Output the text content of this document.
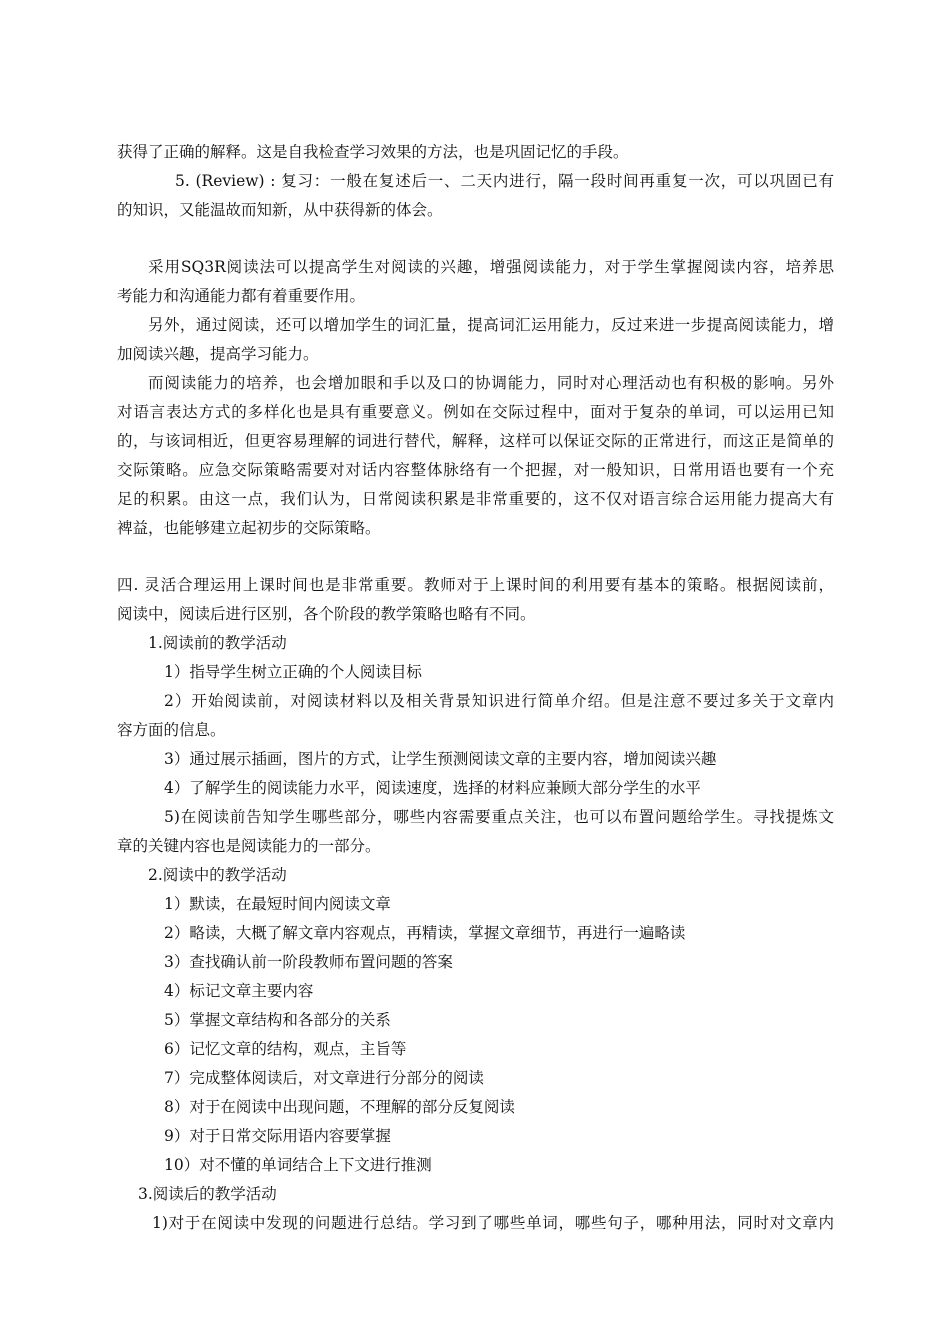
获得了正确的解释。这是自我检查学习效果的方法，也是巩固记忆的手段。
5. (Review) : 复习：一般在复述后一、二天内进行，隔一段时间再重复一次，可以巩固已有
的知识，又能温故而知新，从中获得新的体会。
采用SQ3R阅读法可以提高学生对阅读的兴趣，增强阅读能力，对于学生掌握阅读内容，培养思
考能力和沟通能力都有着重要作用。
另外，通过阅读，还可以增加学生的词汇量，提高词汇运用能力，反过来进一步提高阅读能力，增
加阅读兴趣，提高学习能力。
而阅读能力的培养，也会增加眼和手以及口的协调能力，同时对心理活动也有积极的影响。另外
对语言表达方式的多样化也是具有重要意义。例如在交际过程中，面对于复杂的单词，可以运用已知
的，与该词相近，但更容易理解的词进行替代，解释，这样可以保证交际的正常进行，而这正是简单的
交际策略。应急交际策略需要对对话内容整体脉络有一个把握，对一般知识，日常用语也要有一个充
足的积累。由这一点，我们认为，日常阅读积累是非常重要的，这不仅对语言综合运用能力提高大有
裨益，也能够建立起初步的交际策略。
四. 灵活合理运用上课时间也是非常重要。教师对于上课时间的利用要有基本的策略。根据阅读前，
阅读中，阅读后进行区别，各个阶段的教学策略也略有不同。
1.阅读前的教学活动
1）指导学生树立正确的个人阅读目标
2）开始阅读前，对阅读材料以及相关背景知识进行简单介绍。但是注意不要过多关于文章内
容方面的信息。
3）通过展示插画，图片的方式，让学生预测阅读文章的主要内容，增加阅读兴趣
4）了解学生的阅读能力水平，阅读速度，选择的材料应兼顾大部分学生的水平
5)在阅读前告知学生哪些部分，哪些内容需要重点关注，也可以布置问题给学生。寻找提炼文
章的关键内容也是阅读能力的一部分。
2.阅读中的教学活动
1）默读，在最短时间内阅读文章
2）略读，大概了解文章内容观点，再精读，掌握文章细节，再进行一遍略读
3）查找确认前一阶段教师布置问题的答案
4）标记文章主要内容
5）掌握文章结构和各部分的关系
6）记忆文章的结构，观点，主旨等
7）完成整体阅读后，对文章进行分部分的阅读
8）对于在阅读中出现问题，不理解的部分反复阅读
9）对于日常交际用语内容要掌握
10）对不懂的单词结合上下文进行推测
3.阅读后的教学活动
1)对于在阅读中发现的问题进行总结。学习到了哪些单词，哪些句子，哪种用法，同时对文章内
